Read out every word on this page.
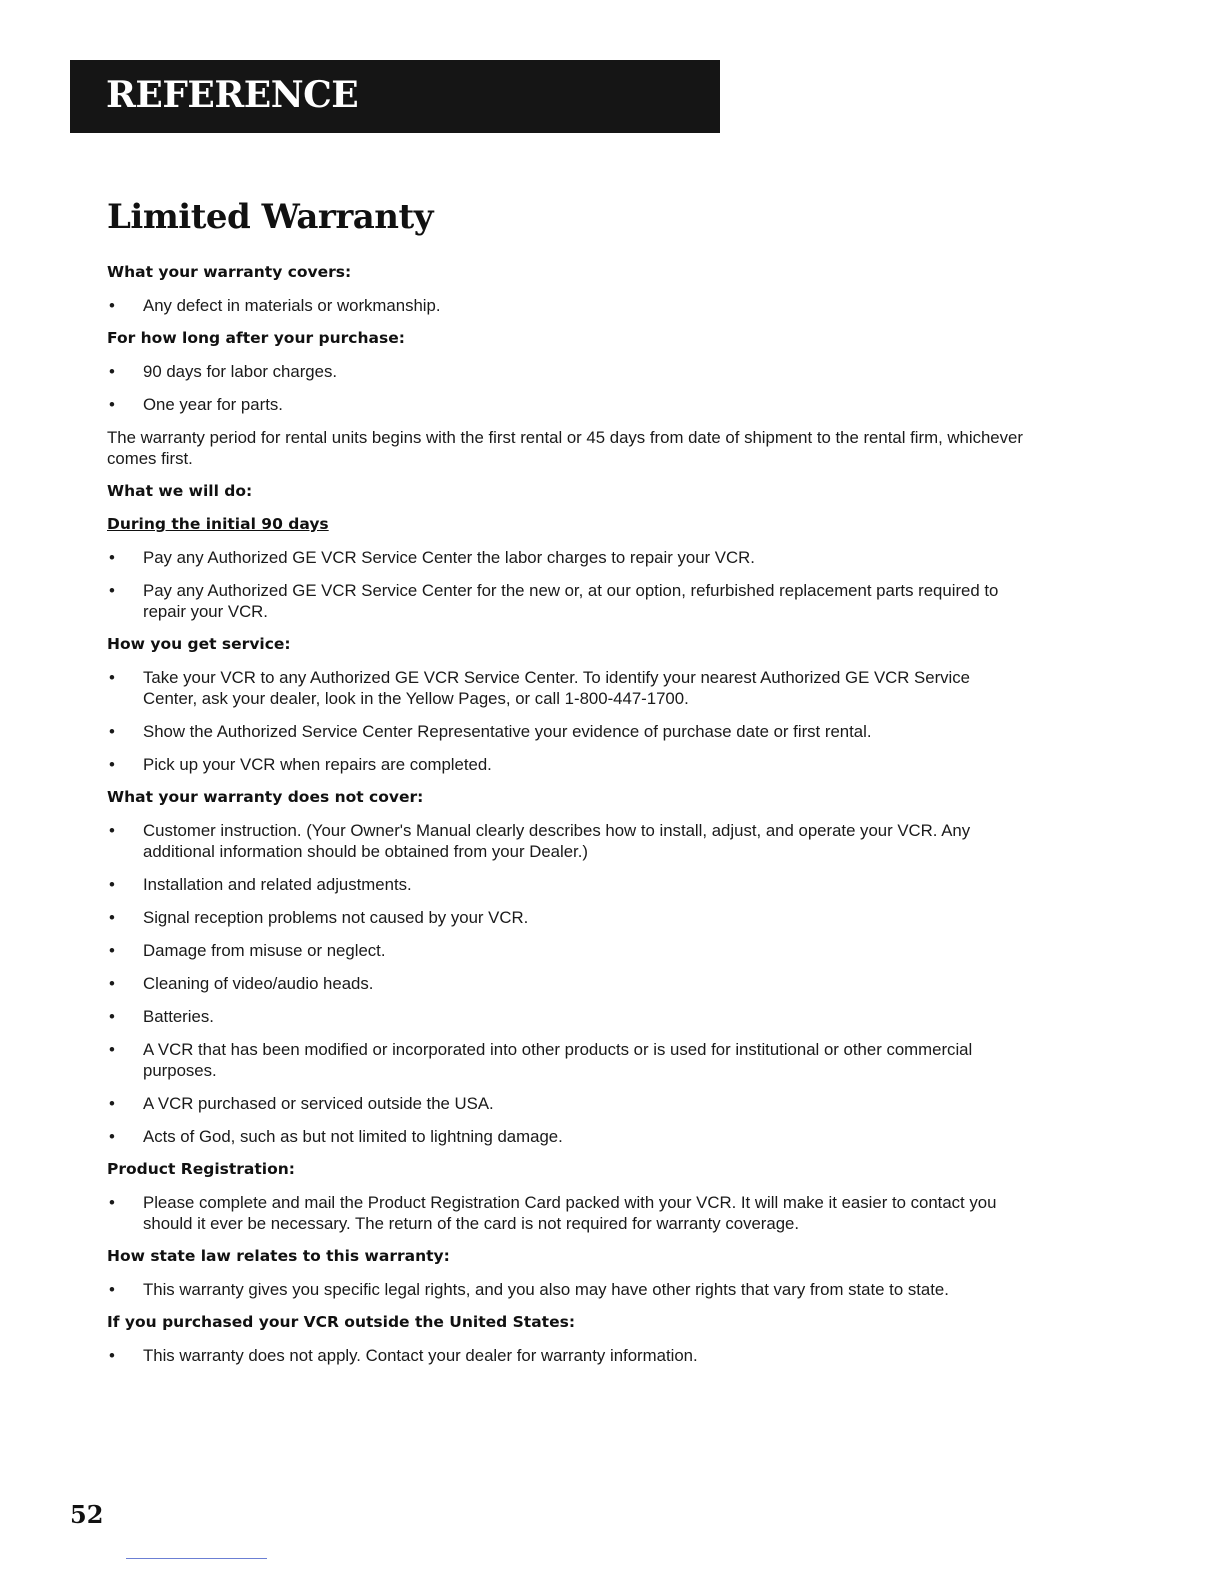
REFERENCE
Limited Warranty
What your warranty covers:
• Any defect in materials or workmanship.
For how long after your purchase:
• 90 days for labor charges.
• One year for parts.

The warranty period for rental units begins with the first rental or 45 days from date of shipment to the rental firm, whichever comes first.

What we will do:
During the initial 90 days
• Pay any Authorized GE VCR Service Center the labor charges to repair your VCR.
• Pay any Authorized GE VCR Service Center for the new or, at our option, refurbished replacement parts required to repair your VCR.
How you get service:
• Take your VCR to any Authorized GE VCR Service Center. To identify your nearest Authorized GE VCR Service Center, ask your dealer, look in the Yellow Pages, or call 1-800-447-1700.
• Show the Authorized Service Center Representative your evidence of purchase date or first rental.
• Pick up your VCR when repairs are completed.
What your warranty does not cover:
• Customer instruction. (Your Owner's Manual clearly describes how to install, adjust, and operate your VCR. Any additional information should be obtained from your Dealer.)
• Installation and related adjustments.
• Signal reception problems not caused by your VCR.
• Damage from misuse or neglect.
• Cleaning of video/audio heads.
• Batteries.
• A VCR that has been modified or incorporated into other products or is used for institutional or other commercial purposes.
• A VCR purchased or serviced outside the USA.
• Acts of God, such as but not limited to lightning damage.
Product Registration:
• Please complete and mail the Product Registration Card packed with your VCR. It will make it easier to contact you should it ever be necessary. The return of the card is not required for warranty coverage.
How state law relates to this warranty:
• This warranty gives you specific legal rights, and you also may have other rights that vary from state to state.
If you purchased your VCR outside the United States:
• This warranty does not apply. Contact your dealer for warranty information.
52
